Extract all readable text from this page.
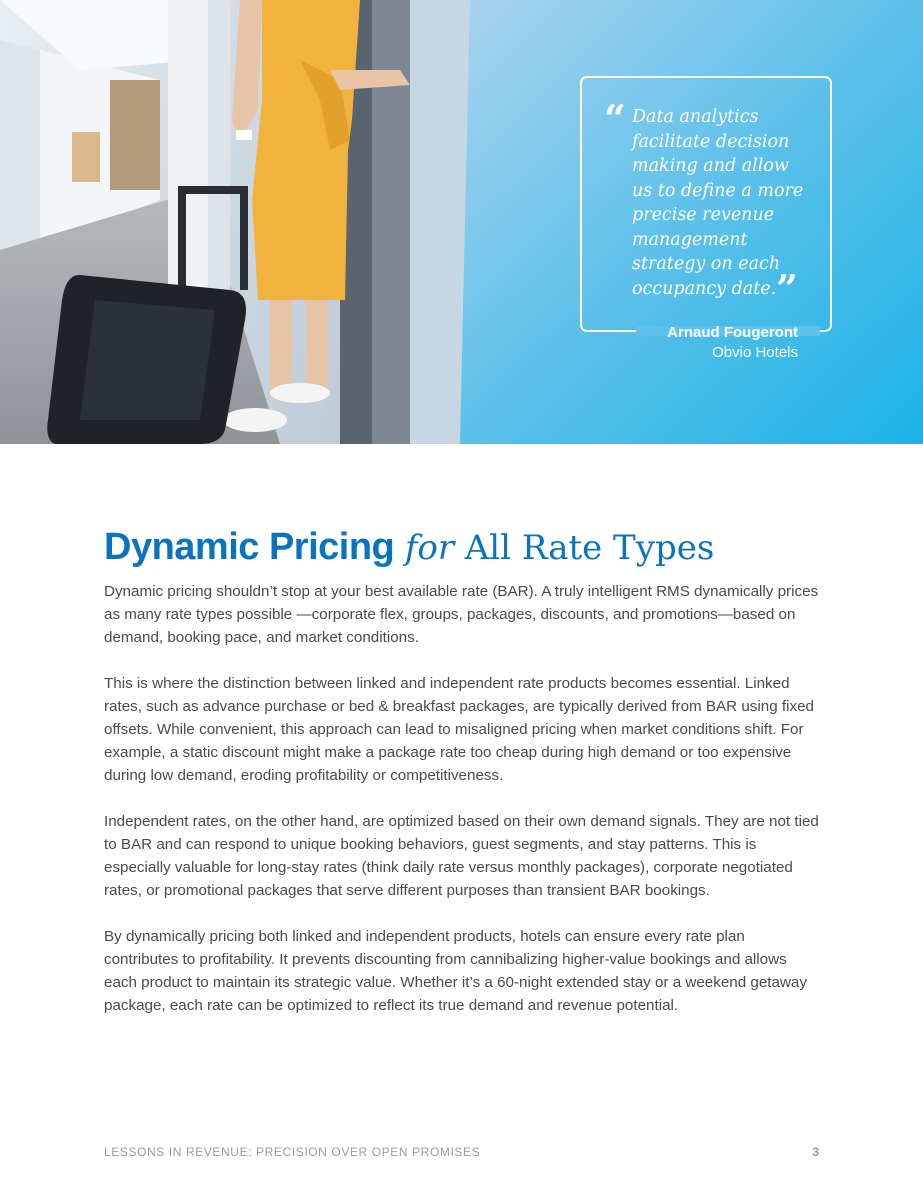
“ Data analytics facilitate decision making and allow us to define a more precise revenue management strategy on each occupancy date. ”
Arnaud Fougeront
Obvio Hotels
Dynamic Pricing for All Rate Types

Dynamic pricing shouldn’t stop at your best available rate (BAR). A truly intelligent RMS dynamically prices as many rate types possible —corporate flex, groups, packages, discounts, and promotions—based on demand, booking pace, and market conditions.

This is where the distinction between linked and independent rate products becomes essential. Linked rates, such as advance purchase or bed & breakfast packages, are typically derived from BAR using fixed offsets. While convenient, this approach can lead to misaligned pricing when market conditions shift. For example, a static discount might make a package rate too cheap during high demand or too expensive during low demand, eroding profitability or competitiveness.

Independent rates, on the other hand, are optimized based on their own demand signals. They are not tied to BAR and can respond to unique booking behaviors, guest segments, and stay patterns. This is especially valuable for long-stay rates (think daily rate versus monthly packages), corporate negotiated rates, or promotional packages that serve different purposes than transient BAR bookings.

By dynamically pricing both linked and independent products, hotels can ensure every rate plan contributes to profitability. It prevents discounting from cannibalizing higher-value bookings and allows each product to maintain its strategic value. Whether it’s a 60-night extended stay or a weekend getaway package, each rate can be optimized to reflect its true demand and revenue potential.

LESSONS IN REVENUE: PRECISION OVER OPEN PROMISES	3
